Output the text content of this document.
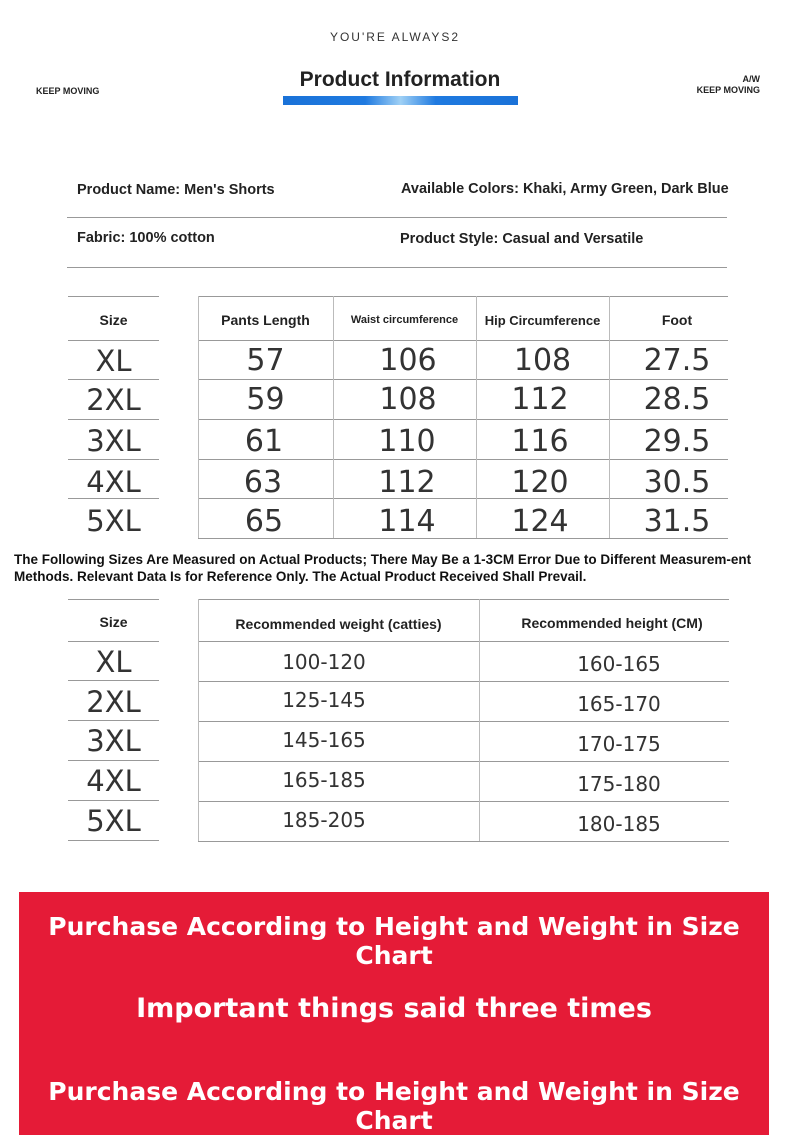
YOU'RE ALWAYS2
KEEP MOVING
A/W
KEEP MOVING
Product Information
Product Name: Men's Shorts	Available Colors: Khaki, Army Green, Dark Blue
Fabric: 100% cotton	Product Style: Casual and Versatile
Size	Pants Length	Waist circumference	Hip Circumference	Foot
XL	57	106	108	27.5
2XL	59	108	112	28.5
3XL	61	110	116	29.5
4XL	63	112	120	30.5
5XL	65	114	124	31.5
The Following Sizes Are Measured on Actual Products; There May Be a 1-3CM Error Due to Different Measurem-ent Methods. Relevant Data Is for Reference Only. The Actual Product Received Shall Prevail.
Size	Recommended weight (catties)	Recommended height (CM)
XL	100-120	160-165
2XL	125-145	165-170
3XL	145-165	170-175
4XL	165-185	175-180
5XL	185-205	180-185
Purchase According to Height and Weight in Size Chart
Important things said three times
Purchase According to Height and Weight in Size Chart
